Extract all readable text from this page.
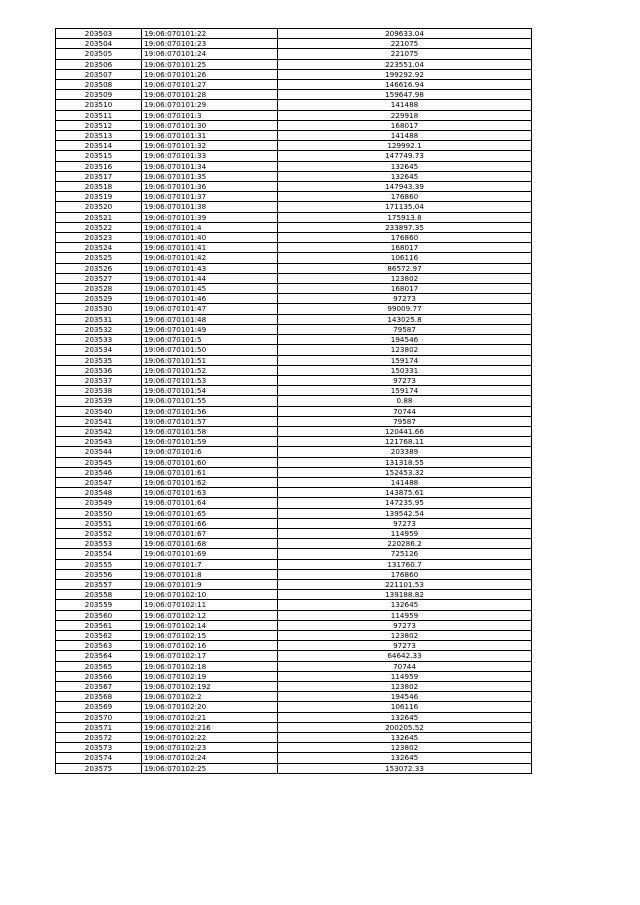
203503	19:06:070101:22	209633.04
203504	19:06:070101:23	221075
203505	19:06:070101:24	221075
203506	19:06:070101:25	223551.04
203507	19:06:070101:26	199292.92
203508	19:06:070101:27	146616.94
203509	19:06:070101:28	159647.98
203510	19:06:070101:29	141488
203511	19:06:070101:3	229918
203512	19:06:070101:30	168017
203513	19:06:070101:31	141488
203514	19:06:070101:32	129992.1
203515	19:06:070101:33	147749.73
203516	19:06:070101:34	132645
203517	19:06:070101:35	132645
203518	19:06:070101:36	147943.39
203519	19:06:070101:37	176860
203520	19:06:070101:38	171135.04
203521	19:06:070101:39	175913.8
203522	19:06:070101:4	233897.35
203523	19:06:070101:40	176860
203524	19:06:070101:41	168017
203525	19:06:070101:42	106116
203526	19:06:070101:43	86572.97
203527	19:06:070101:44	123802
203528	19:06:070101:45	168017
203529	19:06:070101:46	97273
203530	19:06:070101:47	99009.77
203531	19:06:070101:48	143025.8
203532	19:06:070101:49	79587
203533	19:06:070101:5	194546
203534	19:06:070101:50	123802
203535	19:06:070101:51	159174
203536	19:06:070101:52	150331
203537	19:06:070101:53	97273
203538	19:06:070101:54	159174
203539	19:06:070101:55	0.88
203540	19:06:070101:56	70744
203541	19:06:070101:57	79587
203542	19:06:070101:58	120441.66
203543	19:06:070101:59	121768.11
203544	19:06:070101:6	203389
203545	19:06:070101:60	131318.55
203546	19:06:070101:61	152453.32
203547	19:06:070101:62	141488
203548	19:06:070101:63	143875.61
203549	19:06:070101:64	147235.95
203550	19:06:070101:65	139542.54
203551	19:06:070101:66	97273
203552	19:06:070101:67	114959
203553	19:06:070101:68	220286.2
203554	19:06:070101:69	725126
203555	19:06:070101:7	131760.7
203556	19:06:070101:8	176860
203557	19:06:070101:9	221101.53
203558	19:06:070102:10	139188.82
203559	19:06:070102:11	132645
203560	19:06:070102:12	114959
203561	19:06:070102:14	97273
203562	19:06:070102:15	123802
203563	19:06:070102:16	97273
203564	19:06:070102:17	64642.33
203565	19:06:070102:18	70744
203566	19:06:070102:19	114959
203567	19:06:070102:192	123802
203568	19:06:070102:2	194546
203569	19:06:070102:20	106116
203570	19:06:070102:21	132645
203571	19:06:070102:216	200205.52
203572	19:06:070102:22	132645
203573	19:06:070102:23	123802
203574	19:06:070102:24	132645
203575	19:06:070102:25	153072.33
